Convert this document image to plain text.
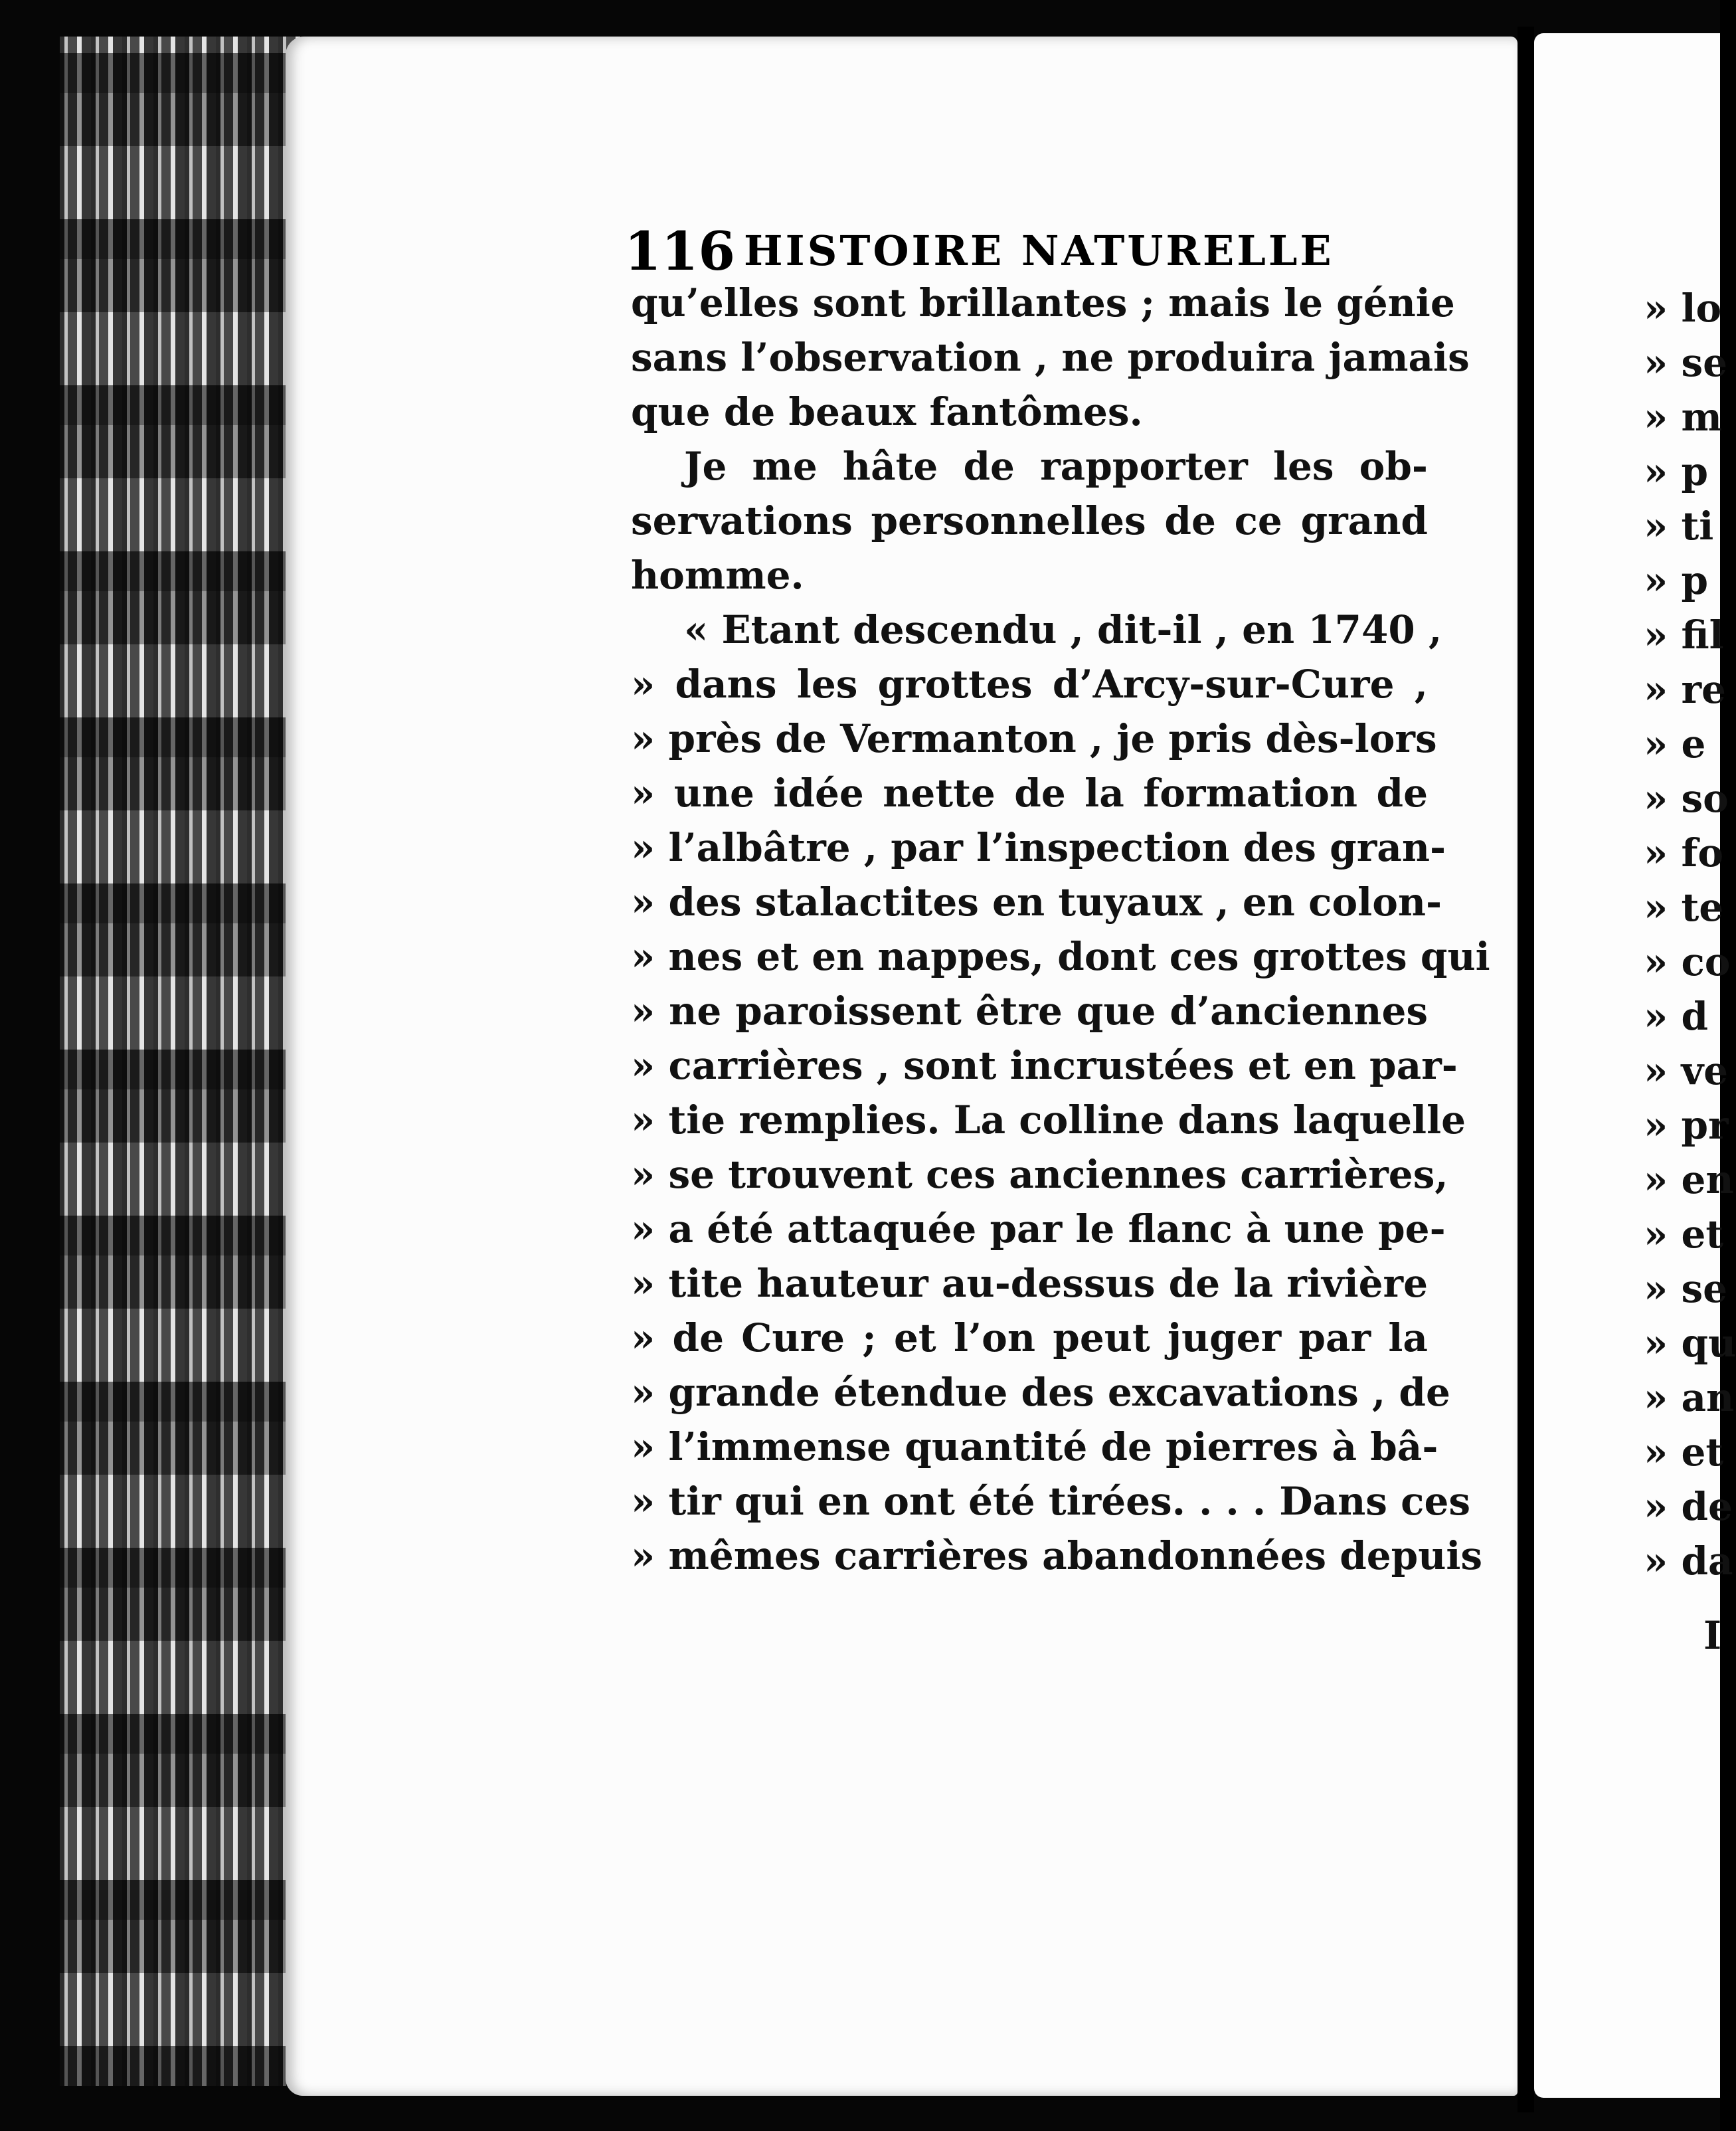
116 HISTOIRE NATURELLE
qu’elles sont brillantes ; mais le génie
sans l’observation , ne produira jamais
que de beaux fantômes.
Je me hâte de rapporter les ob-
servations personnelles de ce grand
homme.
« Etant descendu , dit-il , en 1740 ,
» dans les grottes d’Arcy-sur-Cure ,
» près de Vermanton , je pris dès-lors
» une idée nette de la formation de
» l’albâtre , par l’inspection des gran-
» des stalactites en tuyaux , en colon-
» nes et en nappes, dont ces grottes qui
» ne paroissent être que d’anciennes
» carrières , sont incrustées et en par-
» tie remplies. La colline dans laquelle
» se trouvent ces anciennes carrières,
» a été attaquée par le flanc à une pe-
» tite hauteur au-dessus de la rivière
» de Cure ; et l’on peut juger par la
» grande étendue des excavations , de
» l’immense quantité de pierres à bâ-
» tir qui en ont été tirées. . . . Dans ces
» mêmes carrières abandonnées depuis
» lo
» se
» m
» p
» ti
» p
» fil
» re
» e
» so
» fo
» te
» co
» d
» ve
» pr
» en
» et
» se
» qu
» an
» et
» de
» da
I
